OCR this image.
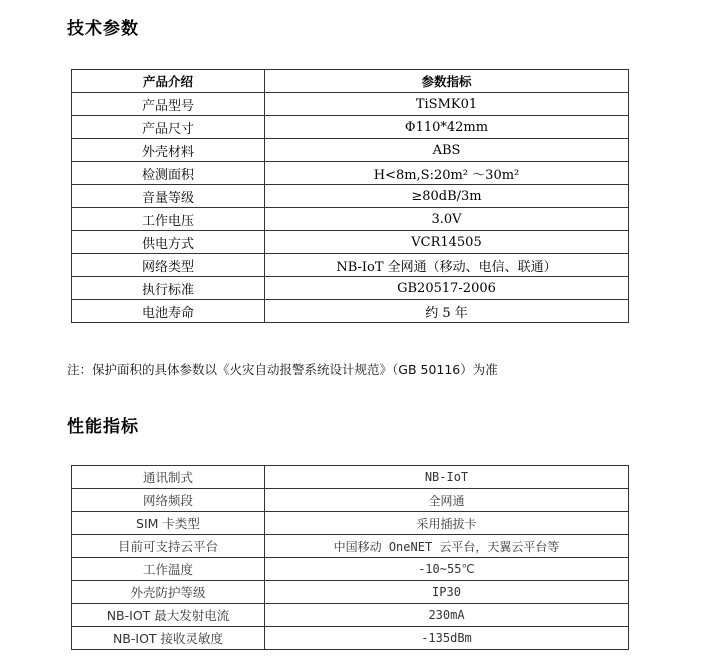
技术参数
产品介绍	参数指标
产品型号	TiSMK01
产品尺寸	Φ110*42mm
外壳材料	ABS
检测面积	H<8m,S:20m² ～30m²
音量等级	≥80dB/3m
工作电压	3.0V
供电方式	VCR14505
网络类型	NB-IoT 全网通（移动、电信、联通）
执行标准	GB20517-2006
电池寿命	约 5 年
注：保护面积的具体参数以《火灾自动报警系统设计规范》（GB 50116）为准
性能指标
通讯制式	NB-IoT
网络频段	全网通
SIM 卡类型	采用插拔卡
目前可支持云平台	中国移动 OneNET 云平台，天翼云平台等
工作温度	-10~55℃
外壳防护等级	IP30
NB-IOT 最大发射电流	230mA
NB-IOT 接收灵敏度	-135dBm
